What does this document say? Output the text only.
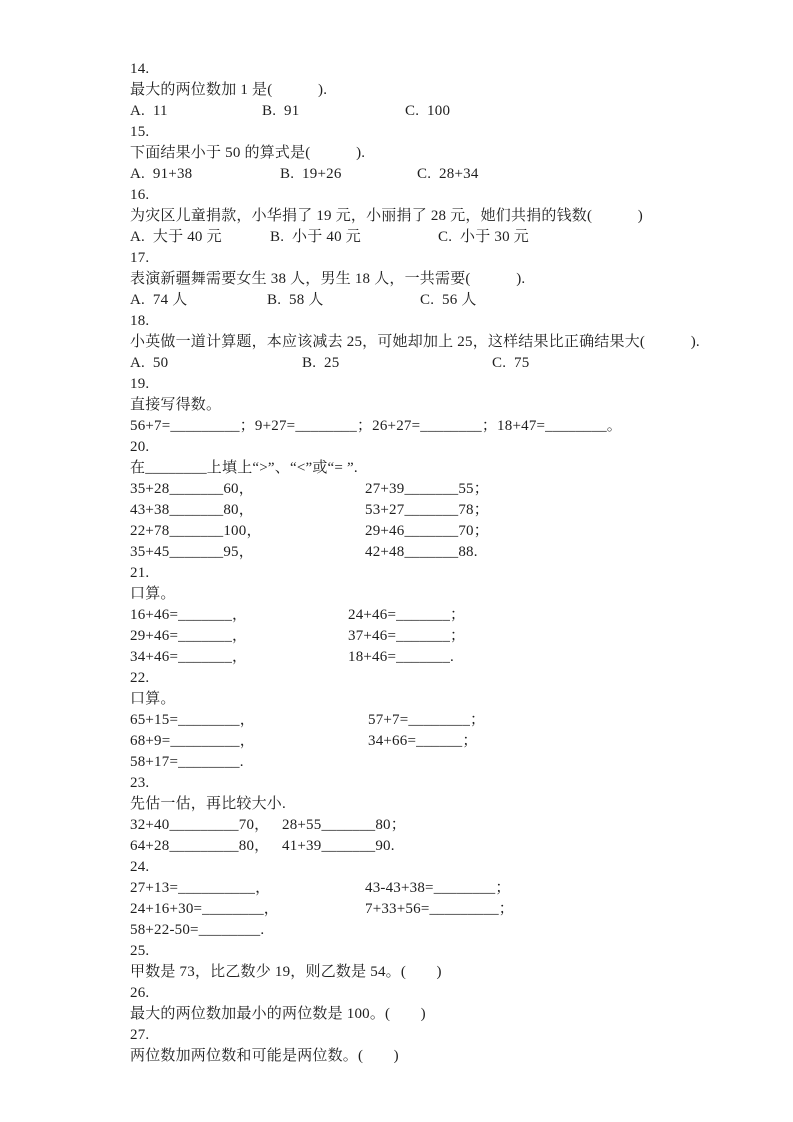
14.
最大的两位数加 1 是(　　　).
A.  11	B.  91	C.  100
15.
下面结果小于 50 的算式是(　　　).
A.  91+38	B.  19+26	C.  28+34
16.
为灾区儿童捐款，小华捐了 19 元，小丽捐了 28 元，她们共捐的钱数(　　　)
A.  大于 40 元	B.  小于 40 元	C.  小于 30 元
17.
表演新疆舞需要女生 38 人，男生 18 人，一共需要(　　　).
A.  74 人	B.  58 人	C.  56 人
18.
小英做一道计算题，本应该减去 25，可她却加上 25，这样结果比正确结果大(　　　).
A.  50	B.  25	C.  75
19.
直接写得数。
56+7=_________；9+27=________；26+27=________；18+47=________。
20.
在________上填上“>”、“<”或“= ”.
35+28_______60，	27+39_______55；
43+38_______80，	53+27_______78；
22+78_______100，	29+46_______70；
35+45_______95，	42+48_______88.
21.
口算。
16+46=_______，	24+46=_______；
29+46=_______，	37+46=_______；
34+46=_______，	18+46=_______.
22.
口算。
65+15=________，	57+7=________；
68+9=_________，	34+66=______；
58+17=________.
23.
先估一估，再比较大小.
32+40_________70， 28+55_______80；
64+28_________80， 41+39_______90.
24.
27+13=__________，	43-43+38=________；
24+16+30=________，	7+33+56=_________；
58+22-50=________.
25.
甲数是 73，比乙数少 19，则乙数是 54。(　　)
26.
最大的两位数加最小的两位数是 100。(　　)
27.
两位数加两位数和可能是两位数。(　　)
